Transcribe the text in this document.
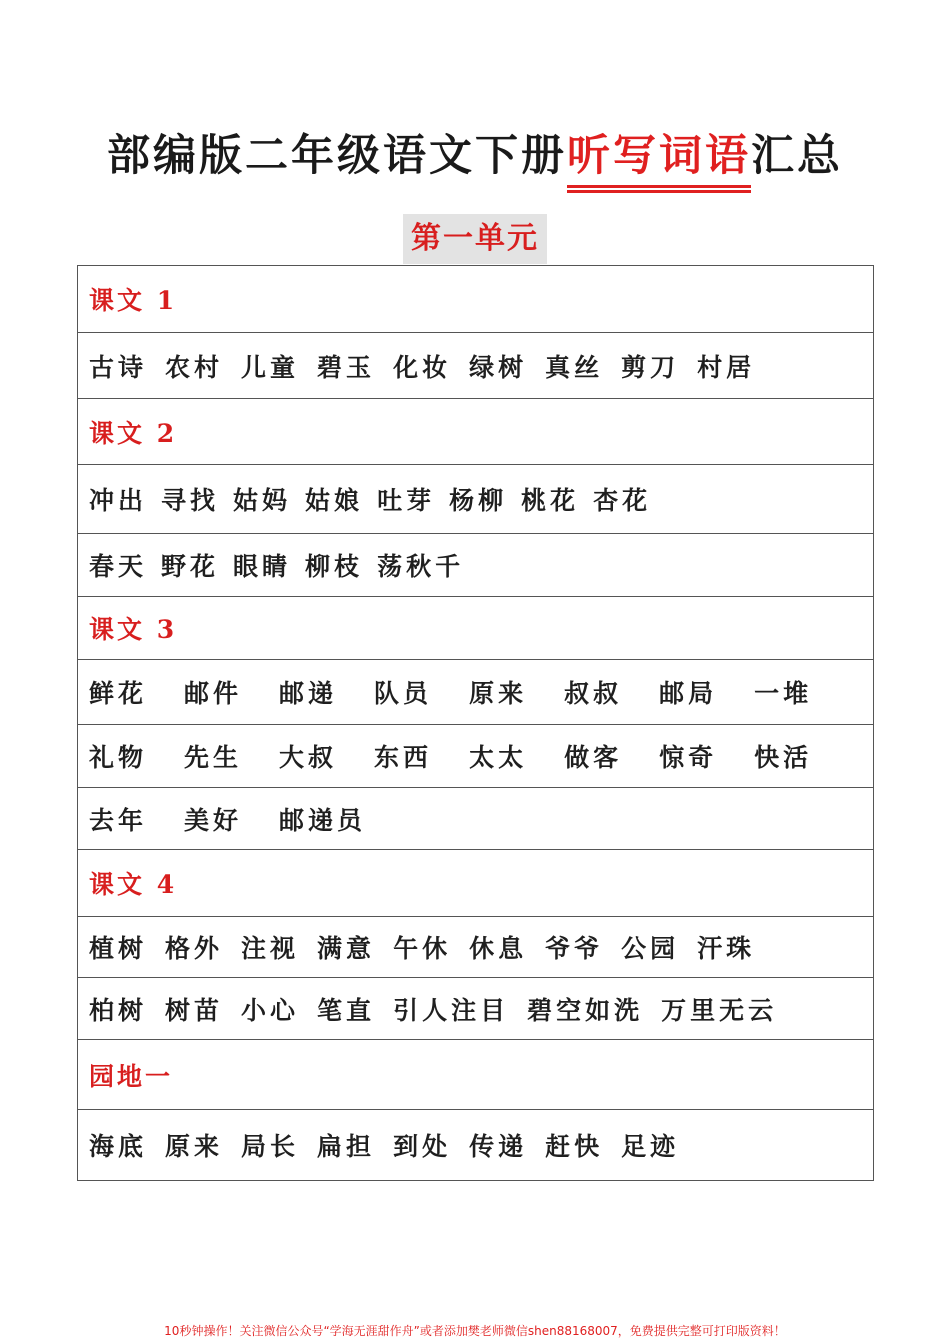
部编版二年级语文下册听写词语汇总
第一单元
课文 1
古诗 农村 儿童 碧玉 化妆 绿树 真丝 剪刀 村居
课文 2
冲出 寻找 姑妈 姑娘 吐芽 杨柳 桃花 杏花
春天 野花 眼睛 柳枝 荡秋千
课文 3
鲜花 邮件 邮递 队员 原来 叔叔 邮局 一堆
礼物 先生 大叔 东西 太太 做客 惊奇 快活
去年 美好 邮递员
课文 4
植树 格外 注视 满意 午休 休息 爷爷 公园 汗珠
柏树 树苗 小心 笔直 引人注目 碧空如洗 万里无云
园地一
海底 原来 局长 扁担 到处 传递 赶快 足迹
10秒钟操作！关注微信公众号“学海无涯甜作舟”或者添加樊老师微信shen88168007，免费提供完整可打印版资料！
